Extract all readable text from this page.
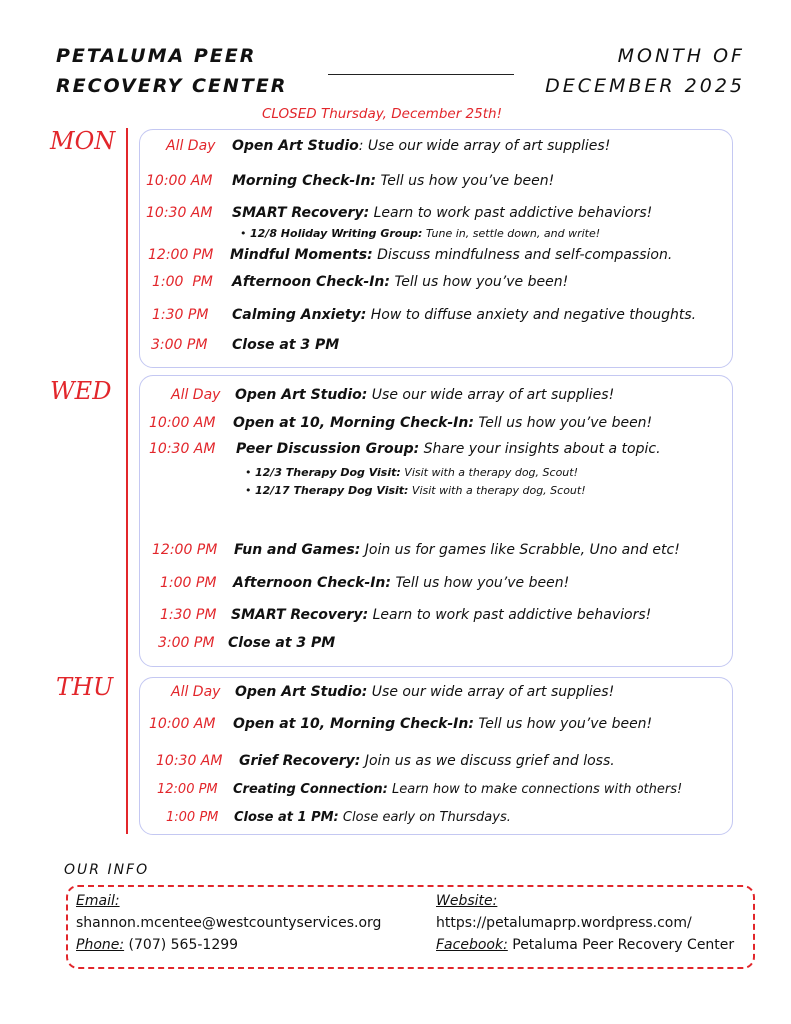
PETALUMA PEER
RECOVERY CENTER
MONTH OF
DECEMBER 2025
CLOSED Thursday, December 25th!
MON
WED
THU
All Day Open Art Studio: Use our wide array of art supplies!
10:00 AM Morning Check-In: Tell us how you’ve been!
10:30 AM SMART Recovery: Learn to work past addictive behaviors!
• 12/8 Holiday Writing Group: Tune in, settle down, and write!
12:00 PM Mindful Moments: Discuss mindfulness and self-compassion.
1:00  PM Afternoon Check-In: Tell us how you’ve been!
1:30 PM Calming Anxiety: How to diffuse anxiety and negative thoughts.
3:00 PM Close at 3 PM
All Day Open Art Studio: Use our wide array of art supplies!
10:00 AM Open at 10, Morning Check-In: Tell us how you’ve been!
10:30 AM Peer Discussion Group: Share your insights about a topic.
• 12/3 Therapy Dog Visit: Visit with a therapy dog, Scout!
• 12/17 Therapy Dog Visit: Visit with a therapy dog, Scout!
12:00 PM Fun and Games: Join us for games like Scrabble, Uno and etc!
1:00 PM Afternoon Check-In: Tell us how you’ve been!
1:30 PM SMART Recovery: Learn to work past addictive behaviors!
3:00 PM Close at 3 PM
All Day Open Art Studio: Use our wide array of art supplies!
10:00 AM Open at 10, Morning Check-In: Tell us how you’ve been!
10:30 AM Grief Recovery: Join us as we discuss grief and loss.
12:00 PM Creating Connection: Learn how to make connections with others!
1:00 PM Close at 1 PM: Close early on Thursdays.
OUR INFO
Email:
shannon.mcentee@westcountyservices.org
Phone: (707) 565-1299
Website:
https://petalumaprp.wordpress.com/
Facebook: Petaluma Peer Recovery Center
